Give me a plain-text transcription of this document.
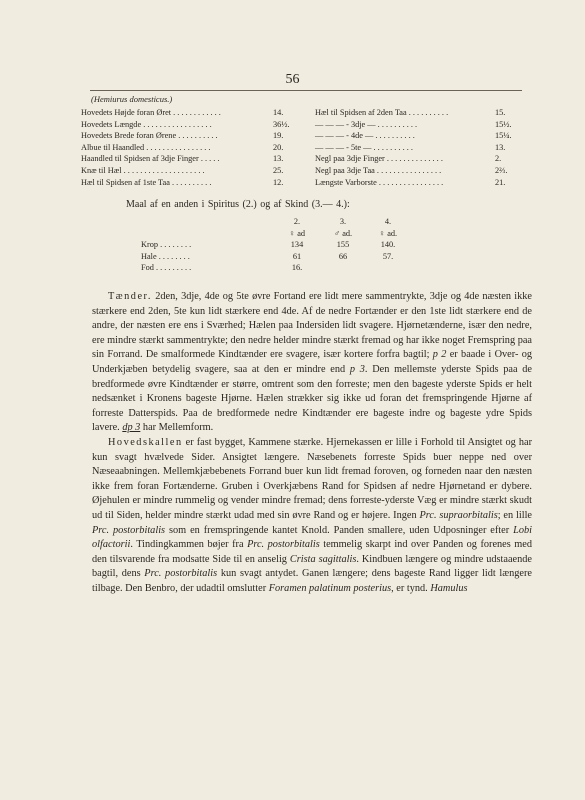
56
(Hemiurus domesticus.)
Hovedets Højde foran Øret . . . . . . . . . . . .	14.
Hovedets Længde . . . . . . . . . . . . . . . . .	36½.
Hovedets Brede foran Ørene . . . . . . . . . .	19.
Albue til Haandled . . . . . . . . . . . . . . . .	20.
Haandled til Spidsen af 3dje Finger . . . . .	13.
Knæ til Hæl . . . . . . . . . . . . . . . . . . . .	25.
Hæl til Spidsen af 1ste Taa . . . . . . . . . .	12.
Hæl til Spidsen af 2den Taa . . . . . . . . . .	15.
— — — - 3dje — . . . . . . . . . .	15½.
— — — - 4de — . . . . . . . . . .	15¼.
— — — - 5te — . . . . . . . . . .	13.
Negl paa 3dje Finger . . . . . . . . . . . . . .	2.
Negl paa 3dje Taa . . . . . . . . . . . . . . . .	2⅔.
Længste Varborste . . . . . . . . . . . . . . . .	21.
Maal af en anden i Spiritus (2.) og af Skind (3.— 4.):
2.	3.	4.
♀ ad	♂ ad.	♀ ad.
Krop . . . . . . . .	134	155	140.
Hale . . . . . . . .	61	66	57.
Fod . . . . . . . . .	16.

Tænder. 2den, 3dje, 4de og 5te øvre Fortand ere lidt mere sammentrykte, 3dje og 4de næsten ikke stærkere end 2den, 5te kun lidt stærkere end 4de. Af de nedre Fortænder er den 1ste lidt stærkere end de andre, der næsten ere ens i Sværhed; Hælen paa Indersiden lidt svagere. Hjørnetænderne, især den nedre, ere mindre stærkt sammentrykte; den nedre helder mindre stærkt fremad og har ikke noget Fremspring paa sin Forrand. De smalformede Kindtænder ere svagere, især kortere forfra bagtil; p 2 er baade i Over- og Underkjæben betydelig svagere, saa at den er mindre end p 3. Den mellemste yderste Spids paa de bredformede øvre Kindtænder er større, omtrent som den forreste; men den bageste yderste Spids er helt nedsænket i Kronens bageste Hjørne. Hælen strækker sig ikke ud foran det fremspringende Hjørne af forreste Datterspids. Paa de bredformede nedre Kindtænder ere bageste indre og bageste ydre Spids lavere. dp 3 har Mellemform.

Hovedskallen er fast bygget, Kammene stærke. Hjernekassen er lille i Forhold til Ansigtet og har kun svagt hvælvede Sider. Ansigtet længere. Næsebenets forreste Spids buer neppe ned over Næseaabningen. Mellemkjæbebenets Forrand buer kun lidt fremad foroven, og forneden naar den næsten ikke frem foran Fortænderne. Gruben i Overkjæbens Rand for Spidsen af nedre Hjørnetand er dybere. Øjehulen er mindre rummelig og vender mindre fremad; dens forreste-yderste Væg er mindre stærkt skudt ud til Siden, helder mindre stærkt udad med sin øvre Rand og er højere. Ingen Prc. supraorbitalis; en lille Prc. postorbitalis som en fremspringende kantet Knold. Panden smallere, uden Udposninger efter Lobi olfactorii. Tindingkammen bøjer fra Prc. postorbitalis temmelig skarpt ind over Panden og forenes med den tilsvarende fra modsatte Side til en anselig Crista sagittalis. Kindbuen længere og mindre udstaaende bagtil, dens Prc. postorbitalis kun svagt antydet. Ganen længere; dens bageste Rand ligger lidt længere tilbage. Den Benbro, der udadtil omslutter Foramen palatinum posterius, er tynd. Hamulus
